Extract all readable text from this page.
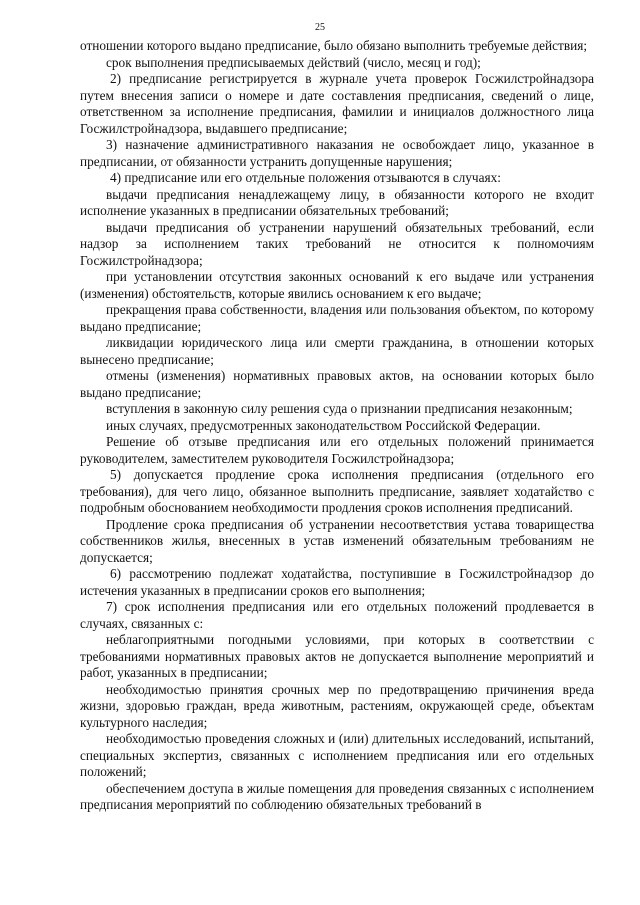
25

отношении которого выдано предписание, было обязано выполнить требуемые действия;

срок выполнения предписываемых действий (число, месяц и год);

2) предписание регистрируется в журнале учета проверок Госжилстройнадзора путем внесения записи о номере и дате составления предписания, сведений о лице, ответственном за исполнение предписания, фамилии и инициалов должностного лица Госжилстройнадзора, выдавшего предписание;

3) назначение административного наказания не освобождает лицо, указанное в предписании, от обязанности устранить допущенные нарушения;

4) предписание или его отдельные положения отзываются в случаях:

выдачи предписания ненадлежащему лицу, в обязанности которого не входит исполнение указанных в предписании обязательных требований;

выдачи предписания об устранении нарушений обязательных требований, если надзор за исполнением таких требований не относится к полномочиям Госжилстройнадзора;

при установлении отсутствия законных оснований к его выдаче или устранения (изменения) обстоятельств, которые явились основанием к его выдаче;

прекращения права собственности, владения или пользования объектом, по которому выдано предписание;

ликвидации юридического лица или смерти гражданина, в отношении которых вынесено предписание;

отмены (изменения) нормативных правовых актов, на основании которых было выдано предписание;

вступления в законную силу решения суда о признании предписания незаконным;

иных случаях, предусмотренных законодательством Российской Федерации.

Решение об отзыве предписания или его отдельных положений принимается руководителем, заместителем руководителя Госжилстройнадзора;

5) допускается продление срока исполнения предписания (отдельного его требования), для чего лицо, обязанное выполнить предписание, заявляет ходатайство с подробным обоснованием необходимости продления сроков исполнения предписаний.

Продление срока предписания об устранении несоответствия устава товарищества собственников жилья, внесенных в устав изменений обязательным требованиям не допускается;

6) рассмотрению подлежат ходатайства, поступившие в Госжилстройнадзор до истечения указанных в предписании сроков его выполнения;

7) срок исполнения предписания или его отдельных положений продлевается в случаях, связанных с:

неблагоприятными погодными условиями, при которых в соответствии с требованиями нормативных правовых актов не допускается выполнение мероприятий и работ, указанных в предписании;

необходимостью принятия срочных мер по предотвращению причинения вреда жизни, здоровью граждан, вреда животным, растениям, окружающей среде, объектам культурного наследия;

необходимостью проведения сложных и (или) длительных исследований, испытаний, специальных экспертиз, связанных с исполнением предписания или его отдельных положений;

обеспечением доступа в жилые помещения для проведения связанных с исполнением предписания мероприятий по соблюдению обязательных требований в
